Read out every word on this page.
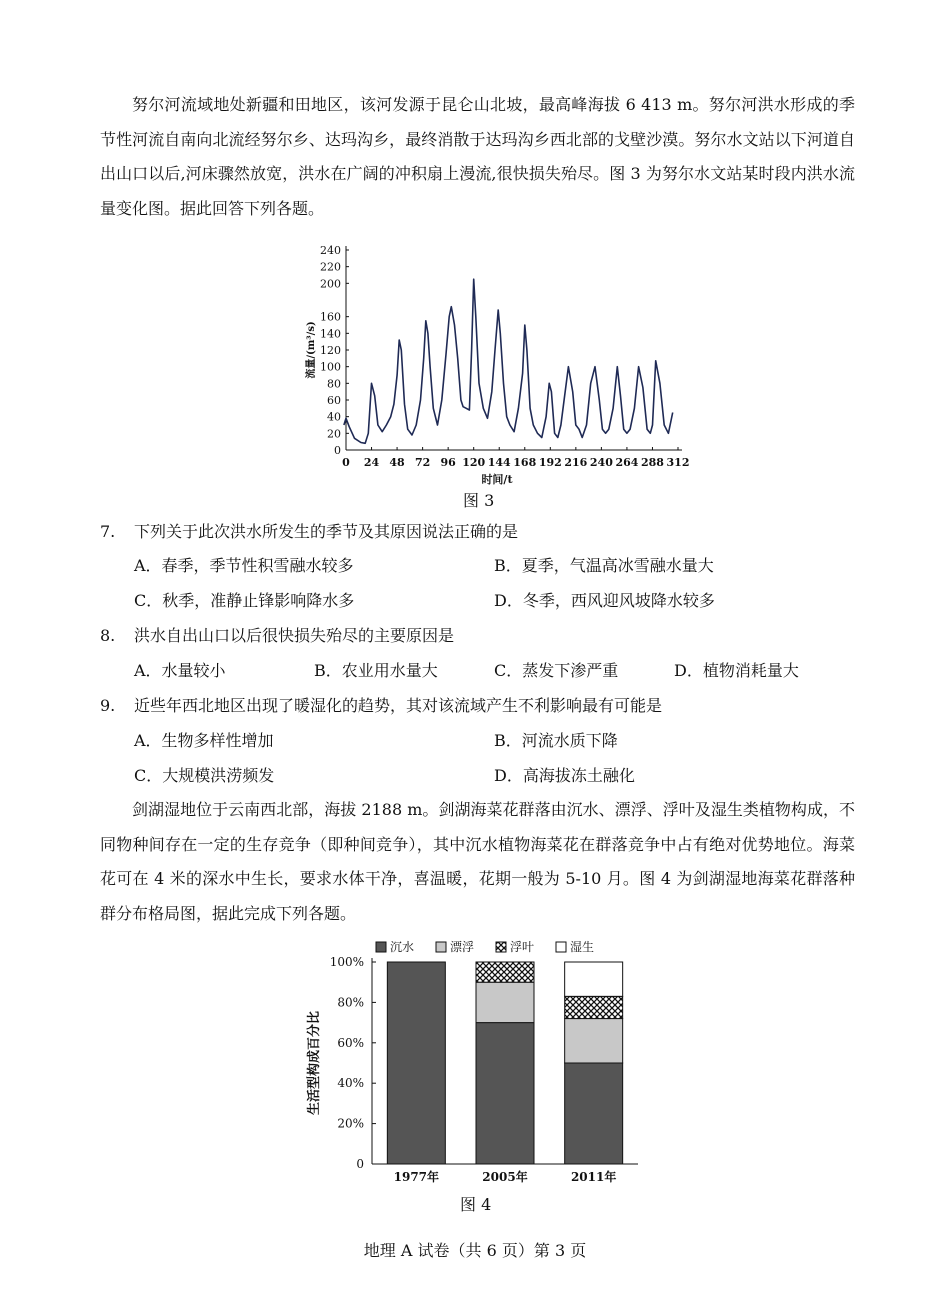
努尔河流域地处新疆和田地区，该河发源于昆仑山北坡，最高峰海拔 6 413 m。努尔河洪水形成的季节性河流自南向北流经努尔乡、达玛沟乡，最终消散于达玛沟乡西北部的戈壁沙漠。努尔水文站以下河道自出山口以后,河床骤然放宽，洪水在广阔的冲积扇上漫流,很快损失殆尽。图 3 为努尔水文站某时段内洪水流量变化图。据此回答下列各题。

0
20
40
60
80
100
120
140
160
200
220
240
0 24 48 72 96 120 144 168 192 216 240 264 288 312
时间/t
流量/(m³/s)
图 3
7. 下列关于此次洪水所发生的季节及其原因说法正确的是
A．春季，季节性积雪融水较多	B．夏季，气温高冰雪融水量大
C．秋季，准静止锋影响降水多	D．冬季，西风迎风坡降水较多
8. 洪水自出山口以后很快损失殆尽的主要原因是
A．水量较小	B．农业用水量大	C．蒸发下渗严重	D．植物消耗量大
9. 近些年西北地区出现了暖湿化的趋势，其对该流域产生不利影响最有可能是
A．生物多样性增加	B．河流水质下降
C．大规模洪涝频发	D．高海拔冻土融化

剑湖湿地位于云南西北部，海拔 2188 m。剑湖海菜花群落由沉水、漂浮、浮叶及湿生类植物构成，不同物种间存在一定的生存竞争（即种间竞争），其中沉水植物海菜花在群落竞争中占有绝对优势地位。海菜花可在 4 米的深水中生长，要求水体干净，喜温暖，花期一般为 5-10 月。图 4 为剑湖湿地海菜花群落种群分布格局图，据此完成下列各题。

0
20%
40%
60%
80%
100%
生活型构成百分比
1977年	2005年	2011年
沉水	漂浮	浮叶	湿生
图 4
地理 A 试卷（共 6 页）第 3 页
